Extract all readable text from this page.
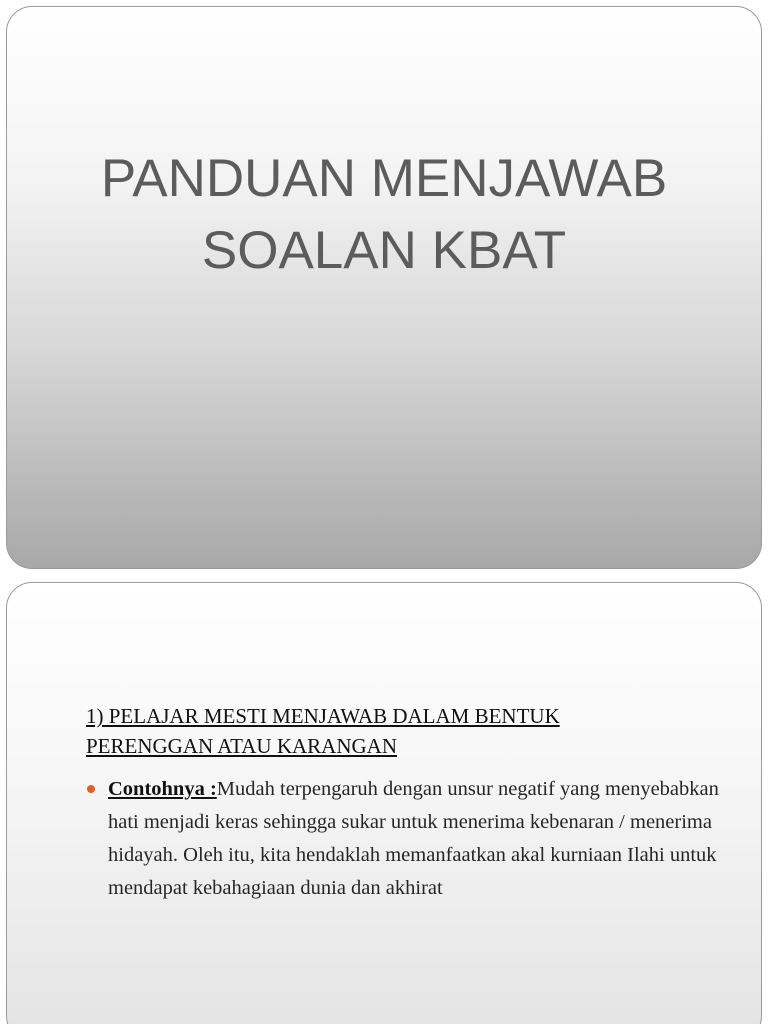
PANDUAN MENJAWAB
SOALAN KBAT
1) PELAJAR MESTI MENJAWAB DALAM BENTUK
PERENGGAN ATAU KARANGAN
Contohnya :Mudah terpengaruh dengan unsur negatif yang menyebabkan hati menjadi keras sehingga sukar untuk menerima kebenaran / menerima hidayah. Oleh itu, kita hendaklah memanfaatkan akal kurniaan Ilahi untuk mendapat kebahagiaan dunia dan akhirat
